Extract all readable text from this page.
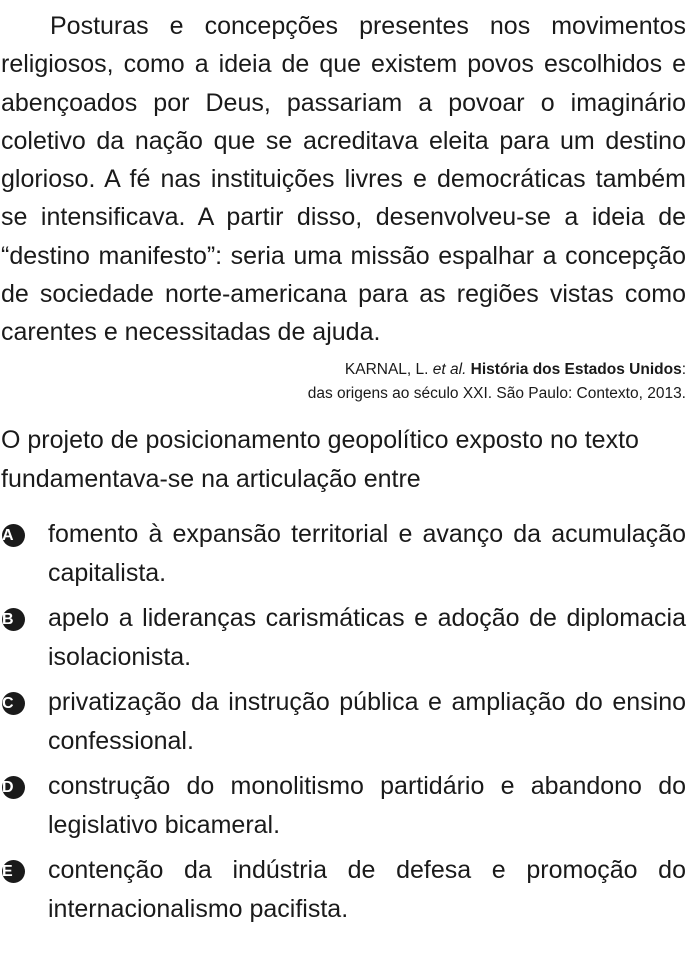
Posturas e concepções presentes nos movimentos religiosos, como a ideia de que existem povos escolhidos e abençoados por Deus, passariam a povoar o imaginário coletivo da nação que se acreditava eleita para um destino glorioso. A fé nas instituições livres e democráticas também se intensificava. A partir disso, desenvolveu-se a ideia de “destino manifesto”: seria uma missão espalhar a concepção de sociedade norte-americana para as regiões vistas como carentes e necessitadas de ajuda.

KARNAL, L. et al. História dos Estados Unidos:
das origens ao século XXI. São Paulo: Contexto, 2013.

O projeto de posicionamento geopolítico exposto no texto fundamentava-se na articulação entre

A	fomento à expansão territorial e avanço da acumulação capitalista.
B	apelo a lideranças carismáticas e adoção de diplomacia isolacionista.
C	privatização da instrução pública e ampliação do ensino confessional.
D	construção do monolitismo partidário e abandono do legislativo bicameral.
E	contenção da indústria de defesa e promoção do internacionalismo pacifista.
